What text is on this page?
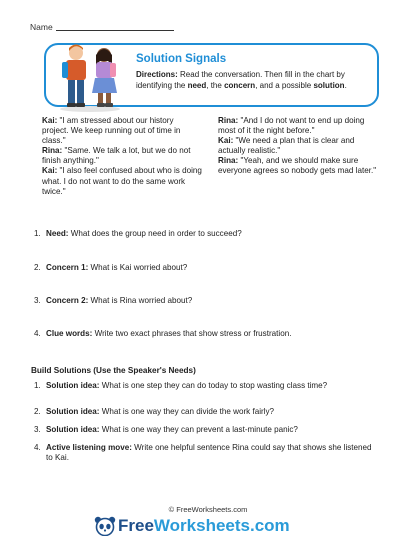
Name
Solution Signals
Directions: Read the conversation. Then fill in the chart by identifying the need, the concern, and a possible solution.
Kai: "I am stressed about our history project. We keep running out of time in class."
Rina: "Same. We talk a lot, but we do not finish anything."
Kai: "I also feel confused about who is doing what. I do not want to do the same work twice."
Rina: "And I do not want to end up doing most of it the night before."
Kai: "We need a plan that is clear and actually realistic."
Rina: "Yeah, and we should make sure everyone agrees so nobody gets mad later."
1. Need: What does the group need in order to succeed?
2. Concern 1: What is Kai worried about?
3. Concern 2: What is Rina worried about?
4. Clue words: Write two exact phrases that show stress or frustration.
Build Solutions (Use the Speaker's Needs)
1. Solution idea: What is one step they can do today to stop wasting class time?
2. Solution idea: What is one way they can divide the work fairly?
3. Solution idea: What is one way they can prevent a last-minute panic?
4. Active listening move: Write one helpful sentence Rina could say that shows she listened to Kai.
© FreeWorksheets.com
FreeWorksheets.com
